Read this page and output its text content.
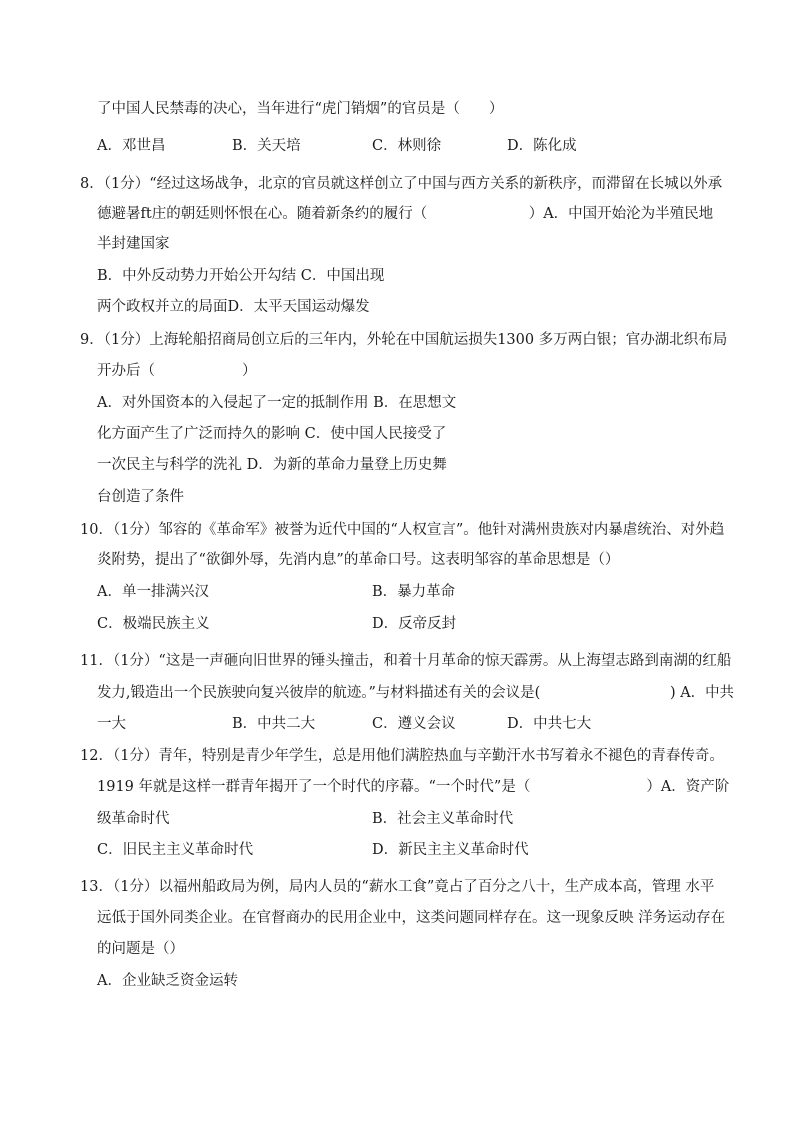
了中国人民禁毒的决心，当年进行“虎门销烟”的官员是（　　）
A．邓世昌	B．关天培	C．林则徐	D．陈化成
8．（1分）“经过这场战争，北京的官员就这样创立了中国与西方关系的新秩序，而滞留在长城以外承
德避暑ft庄的朝廷则怀恨在心。随着新条约的履行（　　　　　　　）A．中国开始沦为半殖民地
半封建国家
B．中外反动势力开始公开勾结 C．中国出现
两个政权并立的局面D．太平天国运动爆发
9．（1分）上海轮船招商局创立后的三年内，外轮在中国航运损失1300 多万两白银；官办湖北织布局
开办后（　　　　　　）
A．对外国资本的入侵起了一定的抵制作用 B．在思想文
化方面产生了广泛而持久的影响 C．使中国人民接受了
一次民主与科学的洗礼 D．为新的革命力量登上历史舞
台创造了条件
10．（1分）邹容的《革命军》被誉为近代中国的“人权宣言”。他针对满州贵族对内暴虐统治、对外趋
炎附势，提出了“欲御外辱，先消内息”的革命口号。这表明邹容的革命思想是（）
A．单一排满兴汉	B．暴力革命
C．极端民族主义	D．反帝反封
11．（1分）“这是一声砸向旧世界的锤头撞击，和着十月革命的惊天霹雳。从上海望志路到南湖的红船
发力,锻造出一个民族驶向复兴彼岸的航迹。”与材料描述有关的会议是(　　　　　　　　　) A．中共
一大	B．中共二大	C．遵义会议	D．中共七大
12．（1分）青年，特别是青少年学生，总是用他们满腔热血与辛勤汗水书写着永不褪色的青春传奇。
1919 年就是这样一群青年揭开了一个时代的序幕。“一个时代”是（　　　　　　　　）A．资产阶
级革命时代	B．社会主义革命时代
C．旧民主主义革命时代	D．新民主主义革命时代
13．（1分）以福州船政局为例，局内人员的“薪水工食”竟占了百分之八十，生产成本高，管理 水平
远低于国外同类企业。在官督商办的民用企业中，这类问题同样存在。这一现象反映 洋务运动存在
的问题是（）
A．企业缺乏资金运转
